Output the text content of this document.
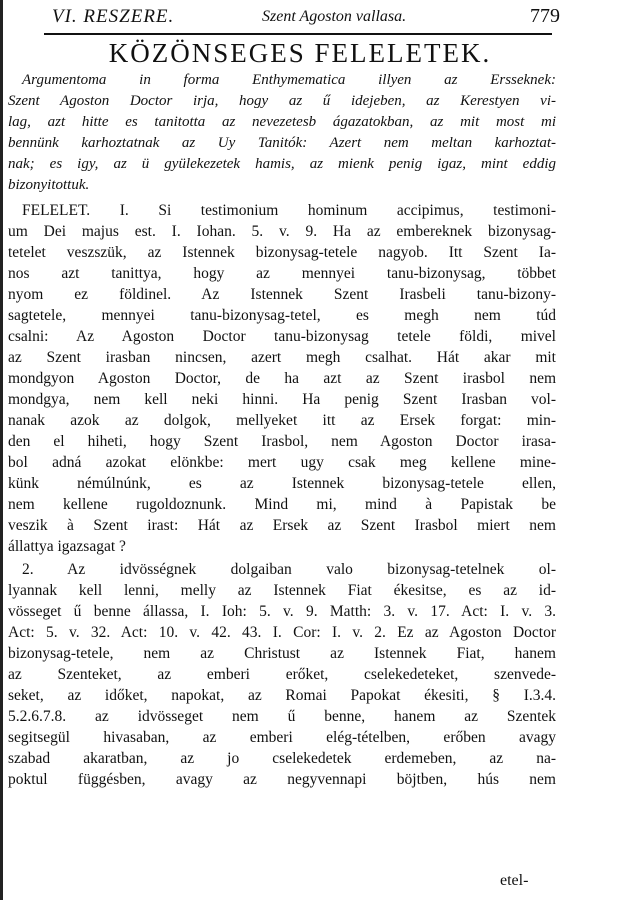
VI. RESZERE.	Szent Agoston vallasa.	779
KÖZÖNSEGES FELELETEK.
Argumentoma in forma Enthymematica illyen az Ersseknek:
Szent Agoston Doctor irja, hogy az ű idejeben, az Kerestyen vi-
lag, azt hitte es tanitotta az nevezetesb ágazatokban, az mit most mi
bennünk karhoztatnak az Uy Tanitók: Azert nem meltan karhoztat-
nak; es igy, az ü gyülekezetek hamis, az mienk penig igaz, mint eddig
bizonyitottuk.
FELELET. I. Si testimonium hominum accipimus, testimoni-
um Dei majus est. I. Iohan. 5. v. 9. Ha az embereknek bizonysag-
tetelet veszszük, az Istennek bizonysag-tetele nagyob. Itt Szent Ia-
nos azt tanittya, hogy az mennyei tanu-bizonysag, többet
nyom ez földinel. Az Istennek Szent Irasbeli tanu-bizony-
sagtetele, mennyei tanu-bizonysag-tetel, es megh nem túd
csalni: Az Agoston Doctor tanu-bizonysag tetele földi, mivel
az Szent irasban nincsen, azert megh csalhat. Hát akar mit
mondgyon Agoston Doctor, de ha azt az Szent irasbol nem
mondgya, nem kell neki hinni. Ha penig Szent Irasban vol-
nanak azok az dolgok, mellyeket itt az Ersek forgat: min-
den el hiheti, hogy Szent Irasbol, nem Agoston Doctor irasa-
bol adná azokat elönkbe: mert ugy csak meg kellene mine-
künk némúlnúnk, es az Istennek bizonysag-tetele ellen,
nem kellene rugoldoznunk. Mind mi, mind à Papistak be
veszik à Szent irast: Hát az Ersek az Szent Irasbol miert nem
állattya igazsagat ?
2. Az idvösségnek dolgaiban valo bizonysag-tetelnek ol-
lyannak kell lenni, melly az Istennek Fiat ékesitse, es az id-
vösseget ű benne állassa, I. Ioh: 5. v. 9. Matth: 3. v. 17. Act: I. v. 3.
Act: 5. v. 32. Act: 10. v. 42. 43. I. Cor: I. v. 2. Ez az Agoston Doctor
bizonysag-tetele, nem az Christust az Istennek Fiat, hanem
az Szenteket, az emberi erőket, cselekedeteket, szenvede-
seket, az időket, napokat, az Romai Papokat ékesiti, § I.3.4.
5.2.6.7.8. az idvösseget nem ű benne, hanem az Szentek
segitsegül hivasaban, az emberi elég-tételben, erőben avagy
szabad akaratban, az jo cselekedetek erdemeben, az na-
poktul függésben, avagy az negyvennapi böjtben, hús nem
etel-
